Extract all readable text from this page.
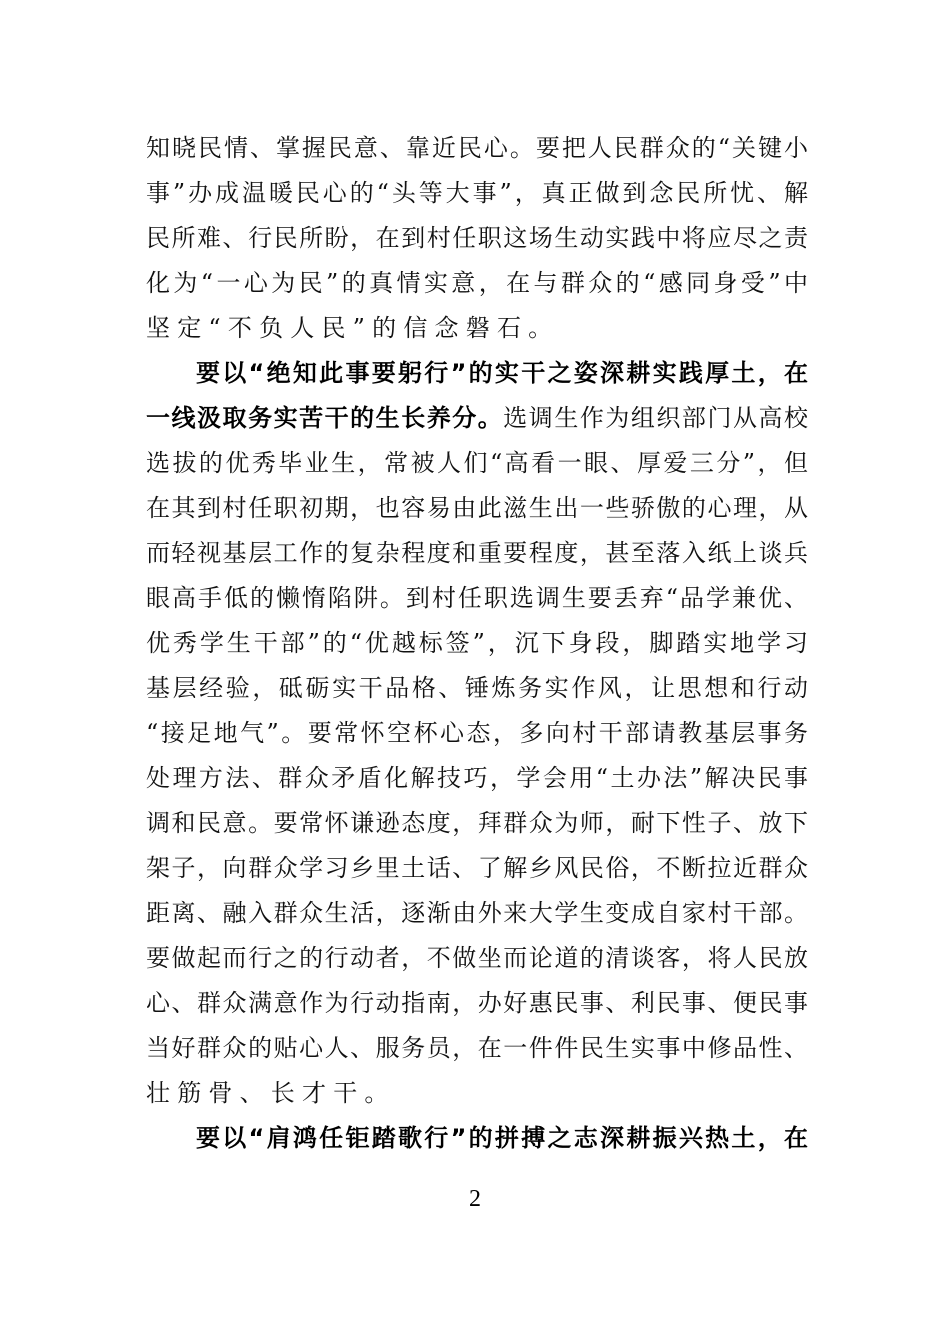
知晓民情、掌握民意、靠近民心。要把人民群众的“关键小
事”办成温暖民心的“头等大事”，真正做到念民所忧、解
民所难、行民所盼，在到村任职这场生动实践中将应尽之责
化为“一心为民”的真情实意，在与群众的“感同身受”中
坚定“不负人民”的信念磐石。
要以“绝知此事要躬行”的实干之姿深耕实践厚土，在
一线汲取务实苦干的生长养分。选调生作为组织部门从高校
选拔的优秀毕业生，常被人们“高看一眼、厚爱三分”，但
在其到村任职初期，也容易由此滋生出一些骄傲的心理，从
而轻视基层工作的复杂程度和重要程度，甚至落入纸上谈兵
眼高手低的懒惰陷阱。到村任职选调生要丢弃“品学兼优、
优秀学生干部”的“优越标签”，沉下身段，脚踏实地学习
基层经验，砥砺实干品格、锤炼务实作风，让思想和行动
“接足地气”。要常怀空杯心态，多向村干部请教基层事务
处理方法、群众矛盾化解技巧，学会用“土办法”解决民事
调和民意。要常怀谦逊态度，拜群众为师，耐下性子、放下
架子，向群众学习乡里土话、了解乡风民俗，不断拉近群众
距离、融入群众生活，逐渐由外来大学生变成自家村干部。
要做起而行之的行动者，不做坐而论道的清谈客，将人民放
心、群众满意作为行动指南，办好惠民事、利民事、便民事
当好群众的贴心人、服务员，在一件件民生实事中修品性、
壮筋骨、长才干。
要以“肩鸿任钜踏歌行”的拼搏之志深耕振兴热土，在
2
